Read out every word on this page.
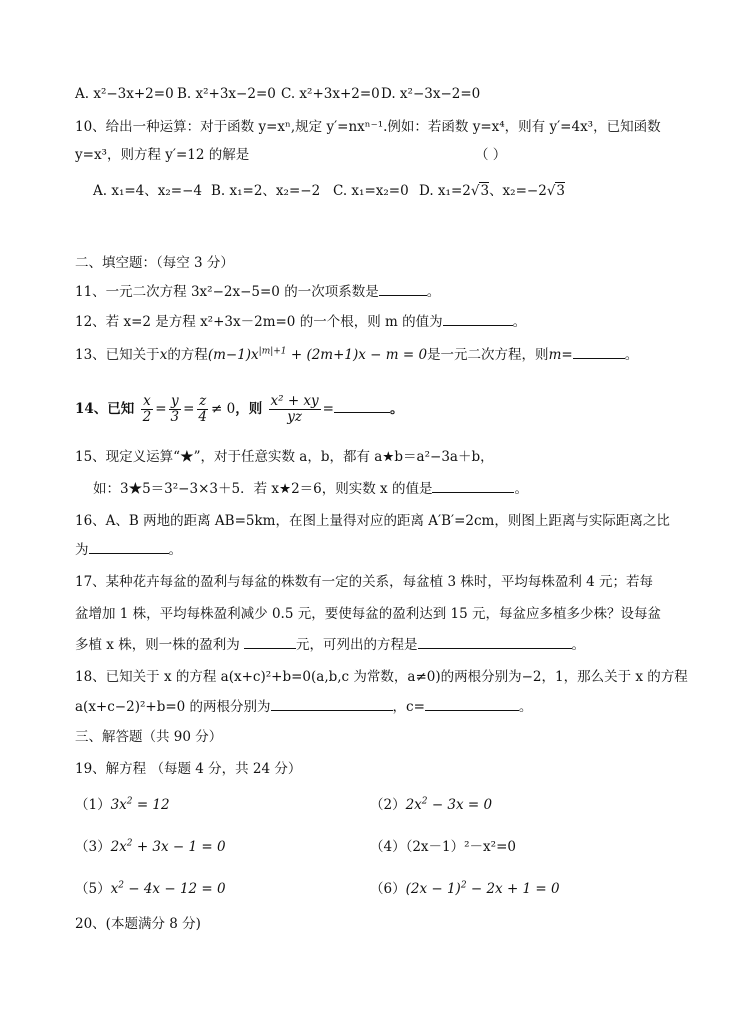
A. x²−3x+2=0 B. x²+3x−2=0 C. x²+3x+2=0D. x²−3x−2=0
10、给出一种运算：对于函数 y=xⁿ,规定 y′=nxⁿ⁻¹.例如：若函数 y=x⁴，则有 y′=4x³，已知函数
y=x³，则方程 y′=12 的解是	（ ）
A. x₁=4、x₂=−4 B. x₁=2、x₂=−2 C. x₁=x₂=0 D. x₁=2√3、x₂=−2√3
二、填空题：（每空 3 分）
11、一元二次方程 3x²−2x−5=0 的一次项系数是	。
12、若 x=2 是方程 x²+3x－2m=0 的一个根，则 m 的值为	。
13、已知关于x的方程$(m-1)x^{|m|+1} + (2m+1)x - m = 0$是一元二次方程，则m=	。
14、已知 $\frac{x}{2} = \frac{y}{3} = \frac{z}{4} \ne 0$，则 $\frac{\text{x² + xy}}{yz}$ =	。
15、现定义运算“★”，对于任意实数 a，b，都有 a★b＝a²−3a＋b，
如：3★5＝3²−3×3＋5．若 x★2＝6，则实数 x 的值是	。
16、A、B 两地的距离 AB=5km，在图上量得对应的距离 A′B′=2cm，则图上距离与实际距离之比
为	。
17、某种花卉每盆的盈利与每盆的株数有一定的关系，每盆植 3 株时，平均每株盈利 4 元；若每
盆增加 1 株，平均每株盈利减少 0.5 元，要使每盆的盈利达到 15 元，每盆应多植多少株？设每盆
多植 x 株，则一株的盈利为	元，可列出的方程是	。
18、已知关于 x 的方程 a(x+c)²+b=0(a,b,c 为常数，a≠0)的两根分别为−2，1，那么关于 x 的方程
a(x+c−2)²+b=0 的两根分别为	，c=	。
三、解答题（共 90 分）
19、解方程 （每题 4 分，共 24 分）
$(1)3x^2 = 12$	$(2)2x^2 - 3x = 0$
$(3)2x^2 + 3x - 1 = 0$	（4）（2x－1）²－x²=0
$(5)x^2 - 4x - 12 = 0$	$(6)(2x - 1)^2 - 2x + 1 = 0$
20、(本题满分 8 分)
